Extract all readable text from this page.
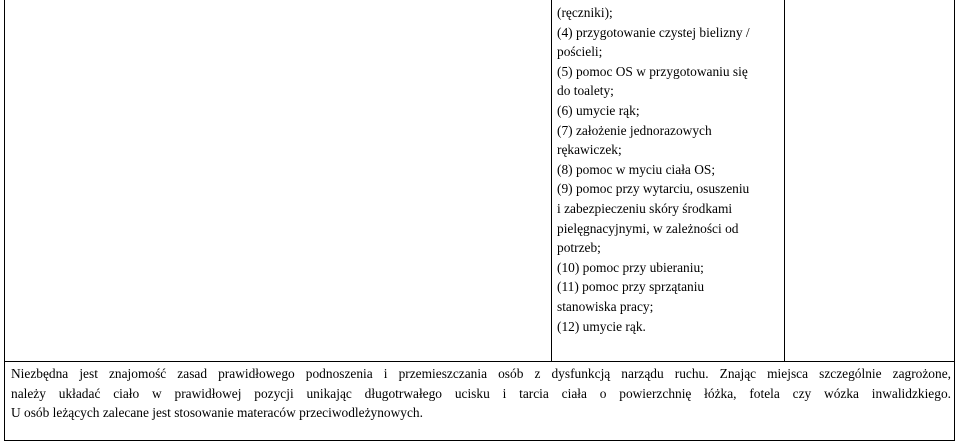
(ręczniki);
(4) przygotowanie czystej bielizny /
pościeli;
(5) pomoc OS w przygotowaniu się
do toalety;
(6) umycie rąk;
(7) założenie jednorazowych
rękawiczek;
(8) pomoc w myciu ciała OS;
(9) pomoc przy wytarciu, osuszeniu
i zabezpieczeniu skóry środkami
pielęgnacyjnymi, w zależności od
potrzeb;
(10) pomoc przy ubieraniu;
(11) pomoc przy sprzątaniu
stanowiska pracy;
(12) umycie rąk.
Niezbędna jest znajomość zasad prawidłowego podnoszenia i przemieszczania osób z dysfunkcją narządu ruchu. Znając miejsca szczególnie zagrożone,
należy układać ciało w prawidłowej pozycji unikając długotrwałego ucisku i tarcia ciała o powierzchnię łóżka, fotela czy wózka inwalidzkiego.
U osób leżących zalecane jest stosowanie materaców przeciwodleżynowych.
